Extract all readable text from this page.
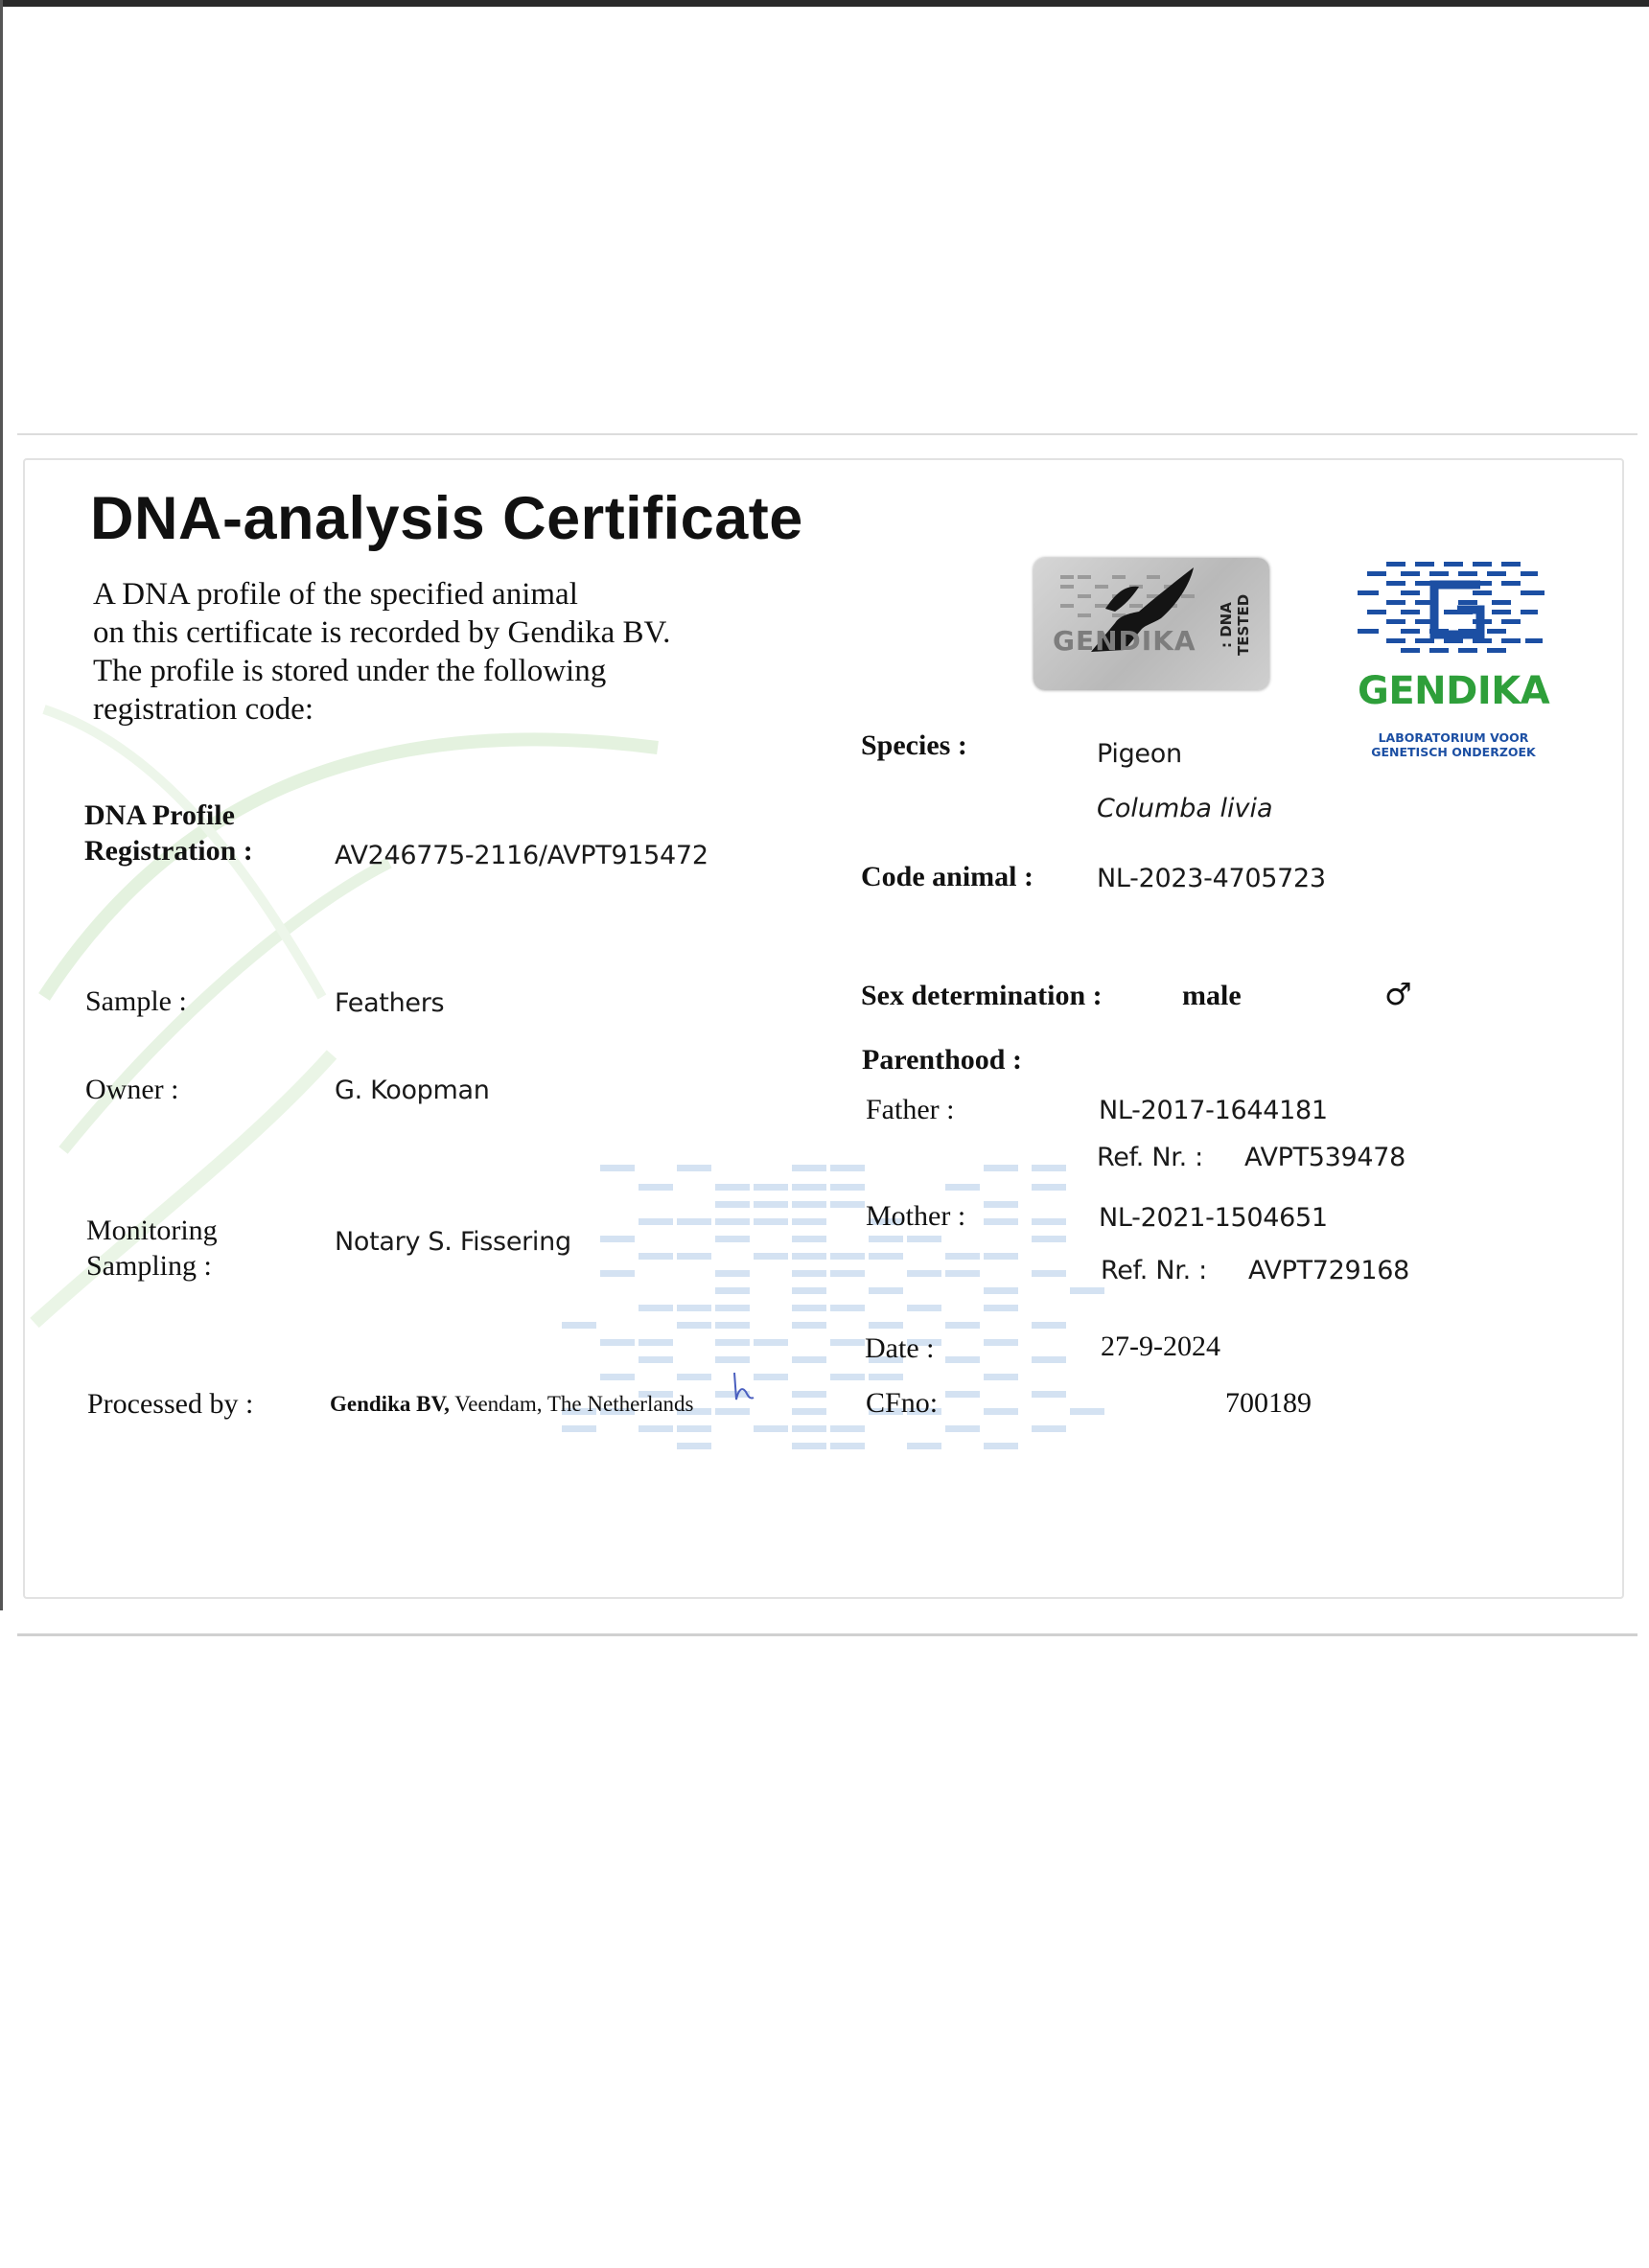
DNA-analysis Certificate
A DNA profile of the specified animal
on this certificate is recorded by Gendika BV.
The profile is stored under the following
registration code:
GENDIKA : DNA TESTED
GENDIKA
LABORATORIUM VOOR
GENETISCH ONDERZOEK
DNA Profile
Registration :	AV246775-2116/AVPT915472
Sample :	Feathers
Owner :	G. Koopman
Monitoring
Sampling :
Notary S. Fissering
Processed by :	Gendika BV, Veendam, The Netherlands
Species :	Pigeon
Columba livia
Code animal : NL-2023-4705723
Sex determination :	male	♂
Parenthood :
Father :	NL-2017-1644181
Ref. Nr. : AVPT539478
Mother :	NL-2021-1504651
Ref. Nr. : AVPT729168
Date :	27-9-2024
CFno:	700189
